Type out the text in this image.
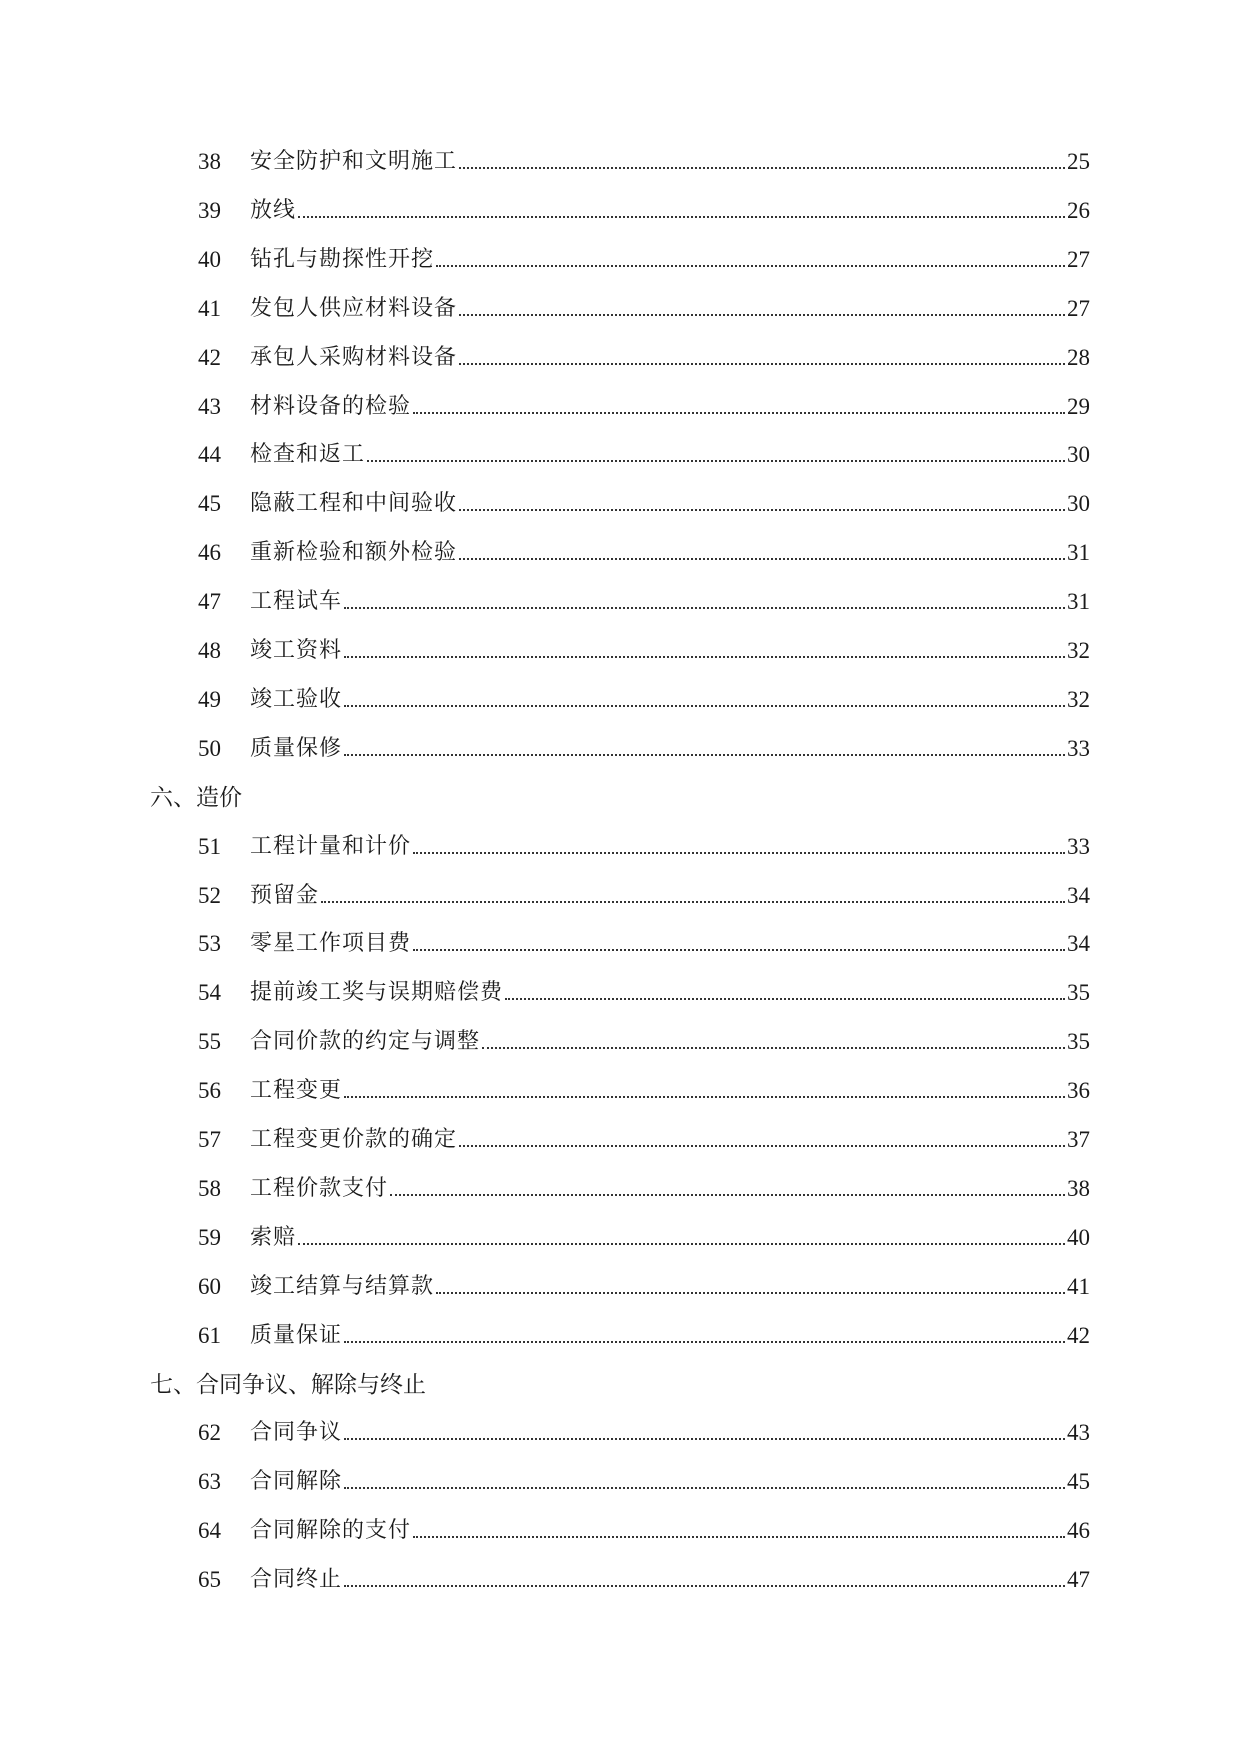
38	安全防护和文明施工	25
39	放线	26
40	钻孔与勘探性开挖	27
41	发包人供应材料设备	27
42	承包人采购材料设备	28
43	材料设备的检验	29
44	检查和返工	30
45	隐蔽工程和中间验收	30
46	重新检验和额外检验	31
47	工程试车	31
48	竣工资料	32
49	竣工验收	32
50	质量保修	33
六、造价
51	工程计量和计价	33
52	预留金	34
53	零星工作项目费	34
54	提前竣工奖与误期赔偿费	35
55	合同价款的约定与调整	35
56	工程变更	36
57	工程变更价款的确定	37
58	工程价款支付	38
59	索赔	40
60	竣工结算与结算款	41
61	质量保证	42
七、合同争议、解除与终止
62	合同争议	43
63	合同解除	45
64	合同解除的支付	46
65	合同终止	47
